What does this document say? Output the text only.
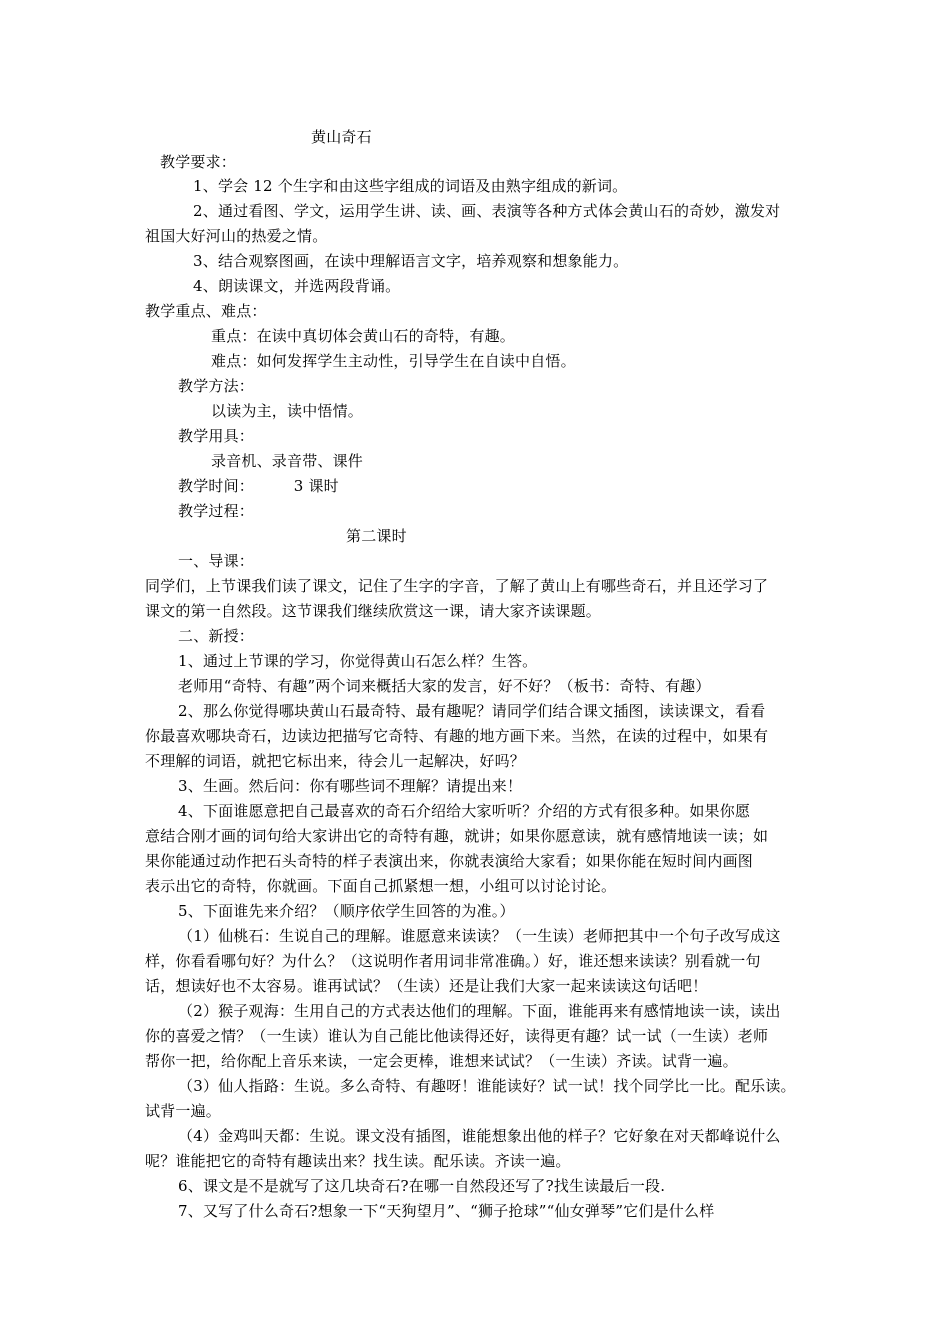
黄山奇石
教学要求：
1、学会 12 个生字和由这些字组成的词语及由熟字组成的新词。
2、通过看图、学文，运用学生讲、读、画、表演等各种方式体会黄山石的奇妙，激发对
祖国大好河山的热爱之情。
3、结合观察图画，在读中理解语言文字，培养观察和想象能力。
4、朗读课文，并选两段背诵。
教学重点、难点：
重点：在读中真切体会黄山石的奇特，有趣。
难点：如何发挥学生主动性，引导学生在自读中自悟。
教学方法：
以读为主，读中悟情。
教学用具：
录音机、录音带、课件
教学时间：        3 课时
教学过程：
第二课时
一、导课：
同学们，上节课我们读了课文，记住了生字的字音，了解了黄山上有哪些奇石，并且还学习了
课文的第一自然段。这节课我们继续欣赏这一课，请大家齐读课题。
二、新授：
1、通过上节课的学习，你觉得黄山石怎么样？生答。
老师用“奇特、有趣”两个词来概括大家的发言，好不好？（板书：奇特、有趣）
2、那么你觉得哪块黄山石最奇特、最有趣呢？请同学们结合课文插图，读读课文，看看
你最喜欢哪块奇石，边读边把描写它奇特、有趣的地方画下来。当然，在读的过程中，如果有
不理解的词语，就把它标出来，待会儿一起解决，好吗？
3、生画。然后问：你有哪些词不理解？请提出来！
4、下面谁愿意把自己最喜欢的奇石介绍给大家听听？介绍的方式有很多种。如果你愿
意结合刚才画的词句给大家讲出它的奇特有趣，就讲；如果你愿意读，就有感情地读一读；如
果你能通过动作把石头奇特的样子表演出来，你就表演给大家看；如果你能在短时间内画图
表示出它的奇特，你就画。下面自己抓紧想一想，小组可以讨论讨论。
5、下面谁先来介绍？（顺序依学生回答的为准。）
（1）仙桃石：生说自己的理解。谁愿意来读读？（一生读）老师把其中一个句子改写成这
样，你看看哪句好？为什么？（这说明作者用词非常准确。）好，谁还想来读读？别看就一句
话，想读好也不太容易。谁再试试？（生读）还是让我们大家一起来读读这句话吧！
（2）猴子观海：生用自己的方式表达他们的理解。下面，谁能再来有感情地读一读，读出
你的喜爱之情？（一生读）谁认为自己能比他读得还好，读得更有趣？试一试（一生读）老师
帮你一把，给你配上音乐来读，一定会更棒，谁想来试试？（一生读）齐读。试背一遍。
（3）仙人指路：生说。多么奇特、有趣呀！谁能读好？试一试！找个同学比一比。配乐读。
试背一遍。
（4）金鸡叫天都：生说。课文没有插图，谁能想象出他的样子？它好象在对天都峰说什么
呢？谁能把它的奇特有趣读出来？找生读。配乐读。齐读一遍。
6、课文是不是就写了这几块奇石?在哪一自然段还写了?找生读最后一段.
7、又写了什么奇石?想象一下“天狗望月”、“狮子抢球”“仙女弹琴”它们是什么样
